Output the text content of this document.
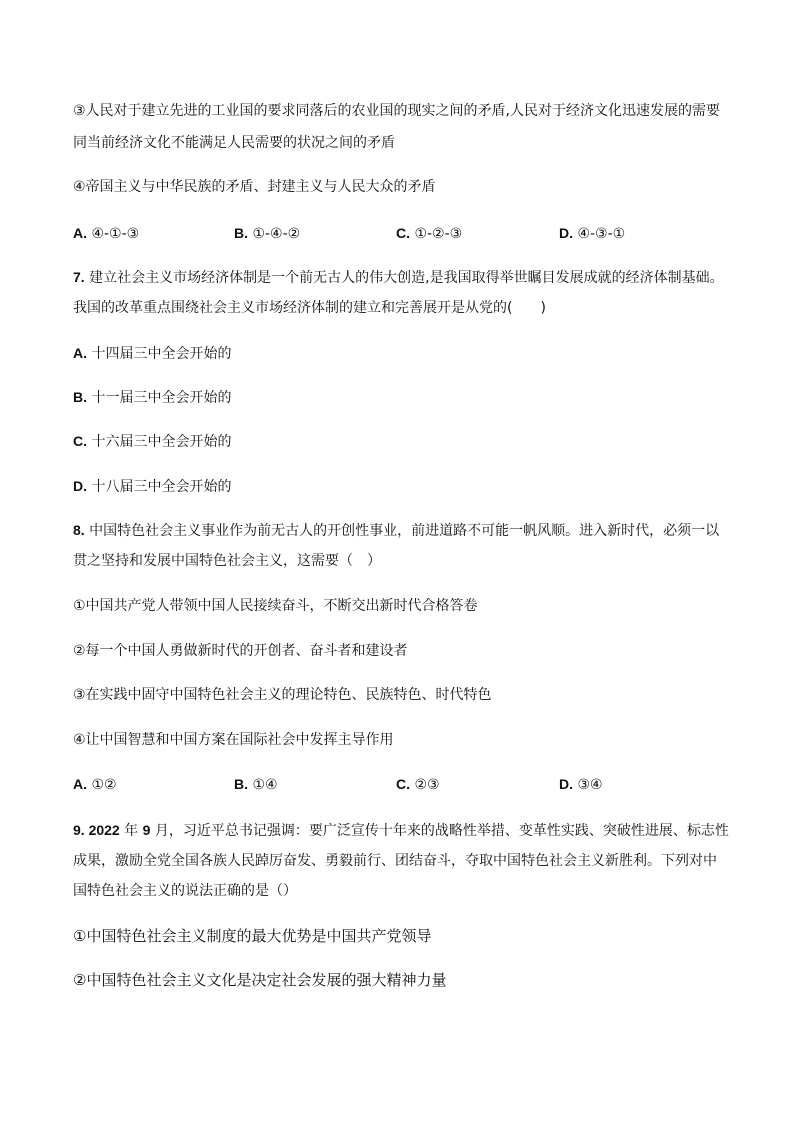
③人民对于建立先进的工业国的要求同落后的农业国的现实之间的矛盾,人民对于经济文化迅速发展的需要
同当前经济文化不能满足人民需要的状况之间的矛盾
④帝国主义与中华民族的矛盾、封建主义与人民大众的矛盾
A. ④-①-③	B. ①-④-②	C. ①-②-③	D. ④-③-①
7. 建立社会主义市场经济体制是一个前无古人的伟大创造,是我国取得举世瞩目发展成就的经济体制基础。
我国的改革重点围绕社会主义市场经济体制的建立和完善展开是从党的(　　)
A. 十四届三中全会开始的
B. 十一届三中全会开始的
C. 十六届三中全会开始的
D. 十八届三中全会开始的
8. 中国特色社会主义事业作为前无古人的开创性事业，前进道路不可能一帆风顺。进入新时代，必须一以
贯之坚持和发展中国特色社会主义，这需要（　）
①中国共产党人带领中国人民接续奋斗，不断交出新时代合格答卷
②每一个中国人勇做新时代的开创者、奋斗者和建设者
③在实践中固守中国特色社会主义的理论特色、民族特色、时代特色
④让中国智慧和中国方案在国际社会中发挥主导作用
A. ①②	B. ①④	C. ②③	D. ③④
9. 2022 年 9 月，习近平总书记强调：要广泛宣传十年来的战略性举措、变革性实践、突破性进展、标志性
成果，激励全党全国各族人民踔厉奋发、勇毅前行、团结奋斗，夺取中国特色社会主义新胜利。下列对中
国特色社会主义的说法正确的是（）
①中国特色社会主义制度的最大优势是中国共产党领导
②中国特色社会主义文化是决定社会发展的强大精神力量
